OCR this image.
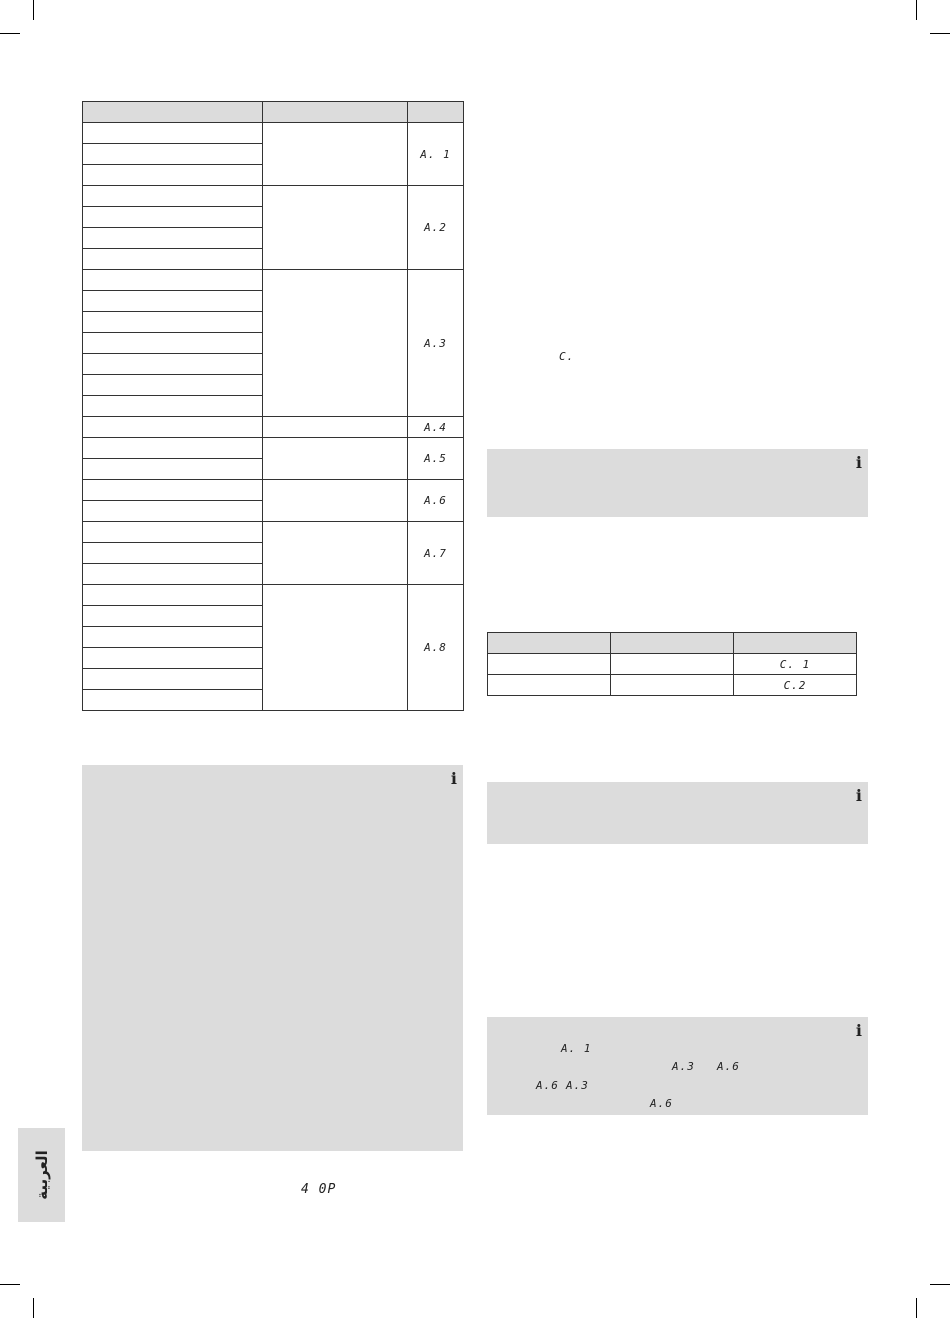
		A. 1

		A.2

		A.3

		A.4
		A.5

		A.6

		A.7

		A.8

C.
i

		C. 1
		C.2
i
i
A. 1
A.3 A.6
A.6 A.3
A.6
i
4 0P
العربية
